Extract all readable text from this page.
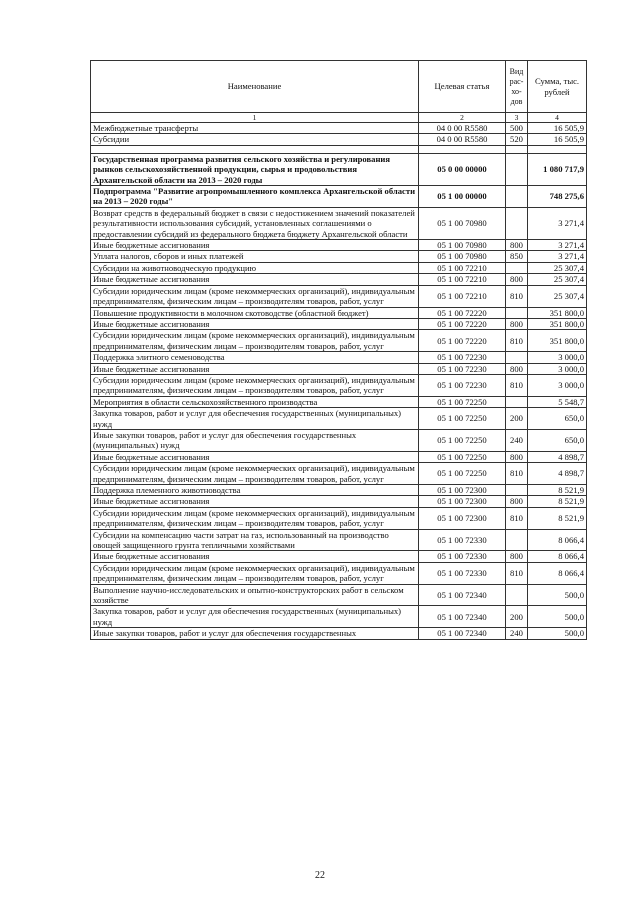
Наименование	Целевая статья	Вид рас-хо-дов	Сумма, тыс. рублей
1	2	3	4
Межбюджетные трансферты	04 0 00 R5580	500	16 505,9
Субсидии	04 0 00 R5580	520	16 505,9

Государственная программа развития сельского хозяйства и регулирования рынков сельскохозяйственной продукции, сырья и продовольствия Архангельской области на 2013 – 2020 годы	05 0 00 00000		1 080 717,9
Подпрограмма "Развитие агропромышленного комплекса Архангельской области на 2013 – 2020 годы"	05 1 00 00000		748 275,6
Возврат средств в федеральный бюджет в связи с недостижением значений показателей результативности использования субсидий, установленных соглашениями о предоставлении субсидий из федерального бюджета бюджету Архангельской области	05 1 00 70980		3 271,4
Иные бюджетные ассигнования	05 1 00 70980	800	3 271,4
Уплата налогов, сборов и иных платежей	05 1 00 70980	850	3 271,4
Субсидии на животноводческую продукцию	05 1 00 72210		25 307,4
Иные бюджетные ассигнования	05 1 00 72210	800	25 307,4
Субсидии юридическим лицам (кроме некоммерческих организаций), индивидуальным предпринимателям, физическим лицам – производителям товаров, работ, услуг	05 1 00 72210	810	25 307,4
Повышение продуктивности в молочном скотоводстве (областной бюджет)	05 1 00 72220		351 800,0
Иные бюджетные ассигнования	05 1 00 72220	800	351 800,0
Субсидии юридическим лицам (кроме некоммерческих организаций), индивидуальным предпринимателям, физическим лицам – производителям товаров, работ, услуг	05 1 00 72220	810	351 800,0
Поддержка элитного семеноводства	05 1 00 72230		3 000,0
Иные бюджетные ассигнования	05 1 00 72230	800	3 000,0
Субсидии юридическим лицам (кроме некоммерческих организаций), индивидуальным предпринимателям, физическим лицам – производителям товаров, работ, услуг	05 1 00 72230	810	3 000,0
Мероприятия в области сельскохозяйственного производства	05 1 00 72250		5 548,7
Закупка товаров, работ и услуг для обеспечения государственных (муниципальных) нужд	05 1 00 72250	200	650,0
Иные закупки товаров, работ и услуг для обеспечения государственных (муниципальных) нужд	05 1 00 72250	240	650,0
Иные бюджетные ассигнования	05 1 00 72250	800	4 898,7
Субсидии юридическим лицам (кроме некоммерческих организаций), индивидуальным предпринимателям, физическим лицам – производителям товаров, работ, услуг	05 1 00 72250	810	4 898,7
Поддержка племенного животноводства	05 1 00 72300		8 521,9
Иные бюджетные ассигнования	05 1 00 72300	800	8 521,9
Субсидии юридическим лицам (кроме некоммерческих организаций), индивидуальным предпринимателям, физическим лицам – производителям товаров, работ, услуг	05 1 00 72300	810	8 521,9
Субсидии на компенсацию части затрат на газ, использованный на производство овощей защищенного грунта тепличными хозяйствами	05 1 00 72330		8 066,4
Иные бюджетные ассигнования	05 1 00 72330	800	8 066,4
Субсидии юридическим лицам (кроме некоммерческих организаций), индивидуальным предпринимателям, физическим лицам – производителям товаров, работ, услуг	05 1 00 72330	810	8 066,4
Выполнение научно-исследовательских и опытно-конструкторских работ в сельском хозяйстве	05 1 00 72340		500,0
Закупка товаров, работ и услуг для обеспечения государственных (муниципальных) нужд	05 1 00 72340	200	500,0
Иные закупки товаров, работ и услуг для обеспечения государственных	05 1 00 72340	240	500,0
22
